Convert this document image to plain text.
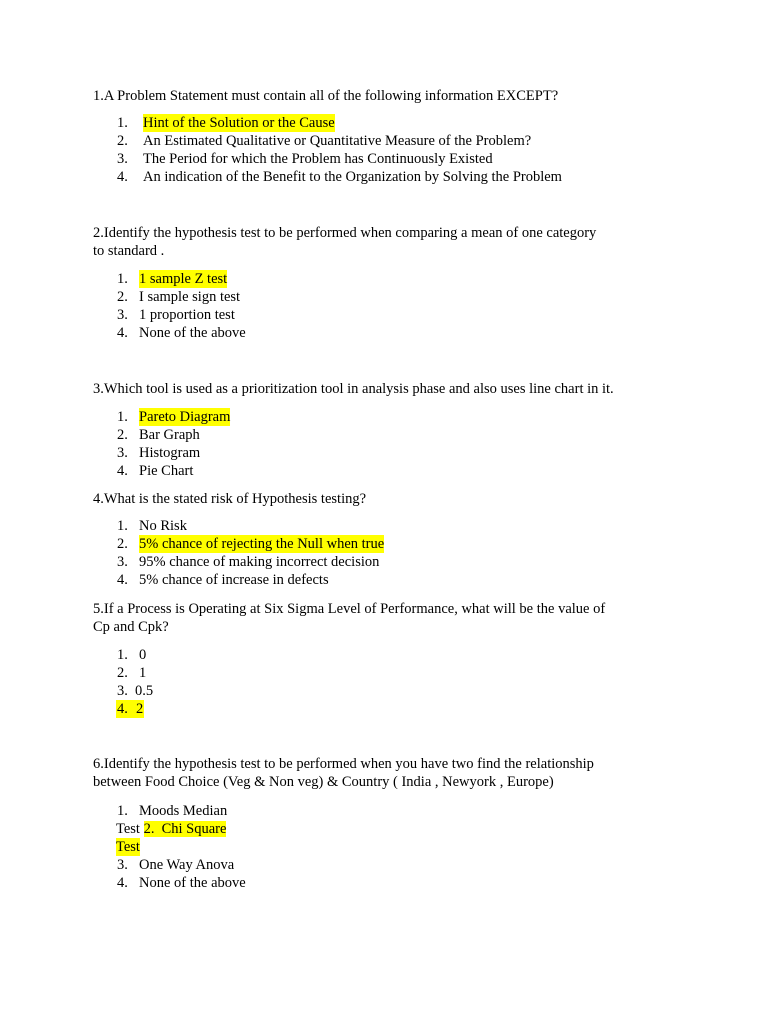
1.A Problem Statement must contain all of the following information EXCEPT?
1. Hint of the Solution or the Cause
2. An Estimated Qualitative or Quantitative Measure of the Problem?
3. The Period for which the Problem has Continuously Existed
4. An indication of the Benefit to the Organization by Solving the Problem
2.Identify the hypothesis test to be performed when comparing a mean of one category
to standard .
1. 1 sample Z test
2. I sample sign test
3. 1 proportion test
4. None of the above
3.Which tool is used as a prioritization tool in analysis phase and also uses line chart in it.
1. Pareto Diagram
2. Bar Graph
3. Histogram
4. Pie Chart
4.What is the stated risk of Hypothesis testing?
1. No Risk
2. 5% chance of rejecting the Null when true
3. 95% chance of making incorrect decision
4. 5% chance of increase in defects
5.If a Process is Operating at Six Sigma Level of Performance, what will be the value of
Cp and Cpk?
1. 0
2. 1
3. 0.5
4. 2
6.Identify the hypothesis test to be performed when you have two find the relationship
between Food Choice (Veg & Non veg) & Country ( India , Newyork , Europe)
1. Moods Median
Test 2. Chi Square
Test
3. One Way Anova
4. None of the above
